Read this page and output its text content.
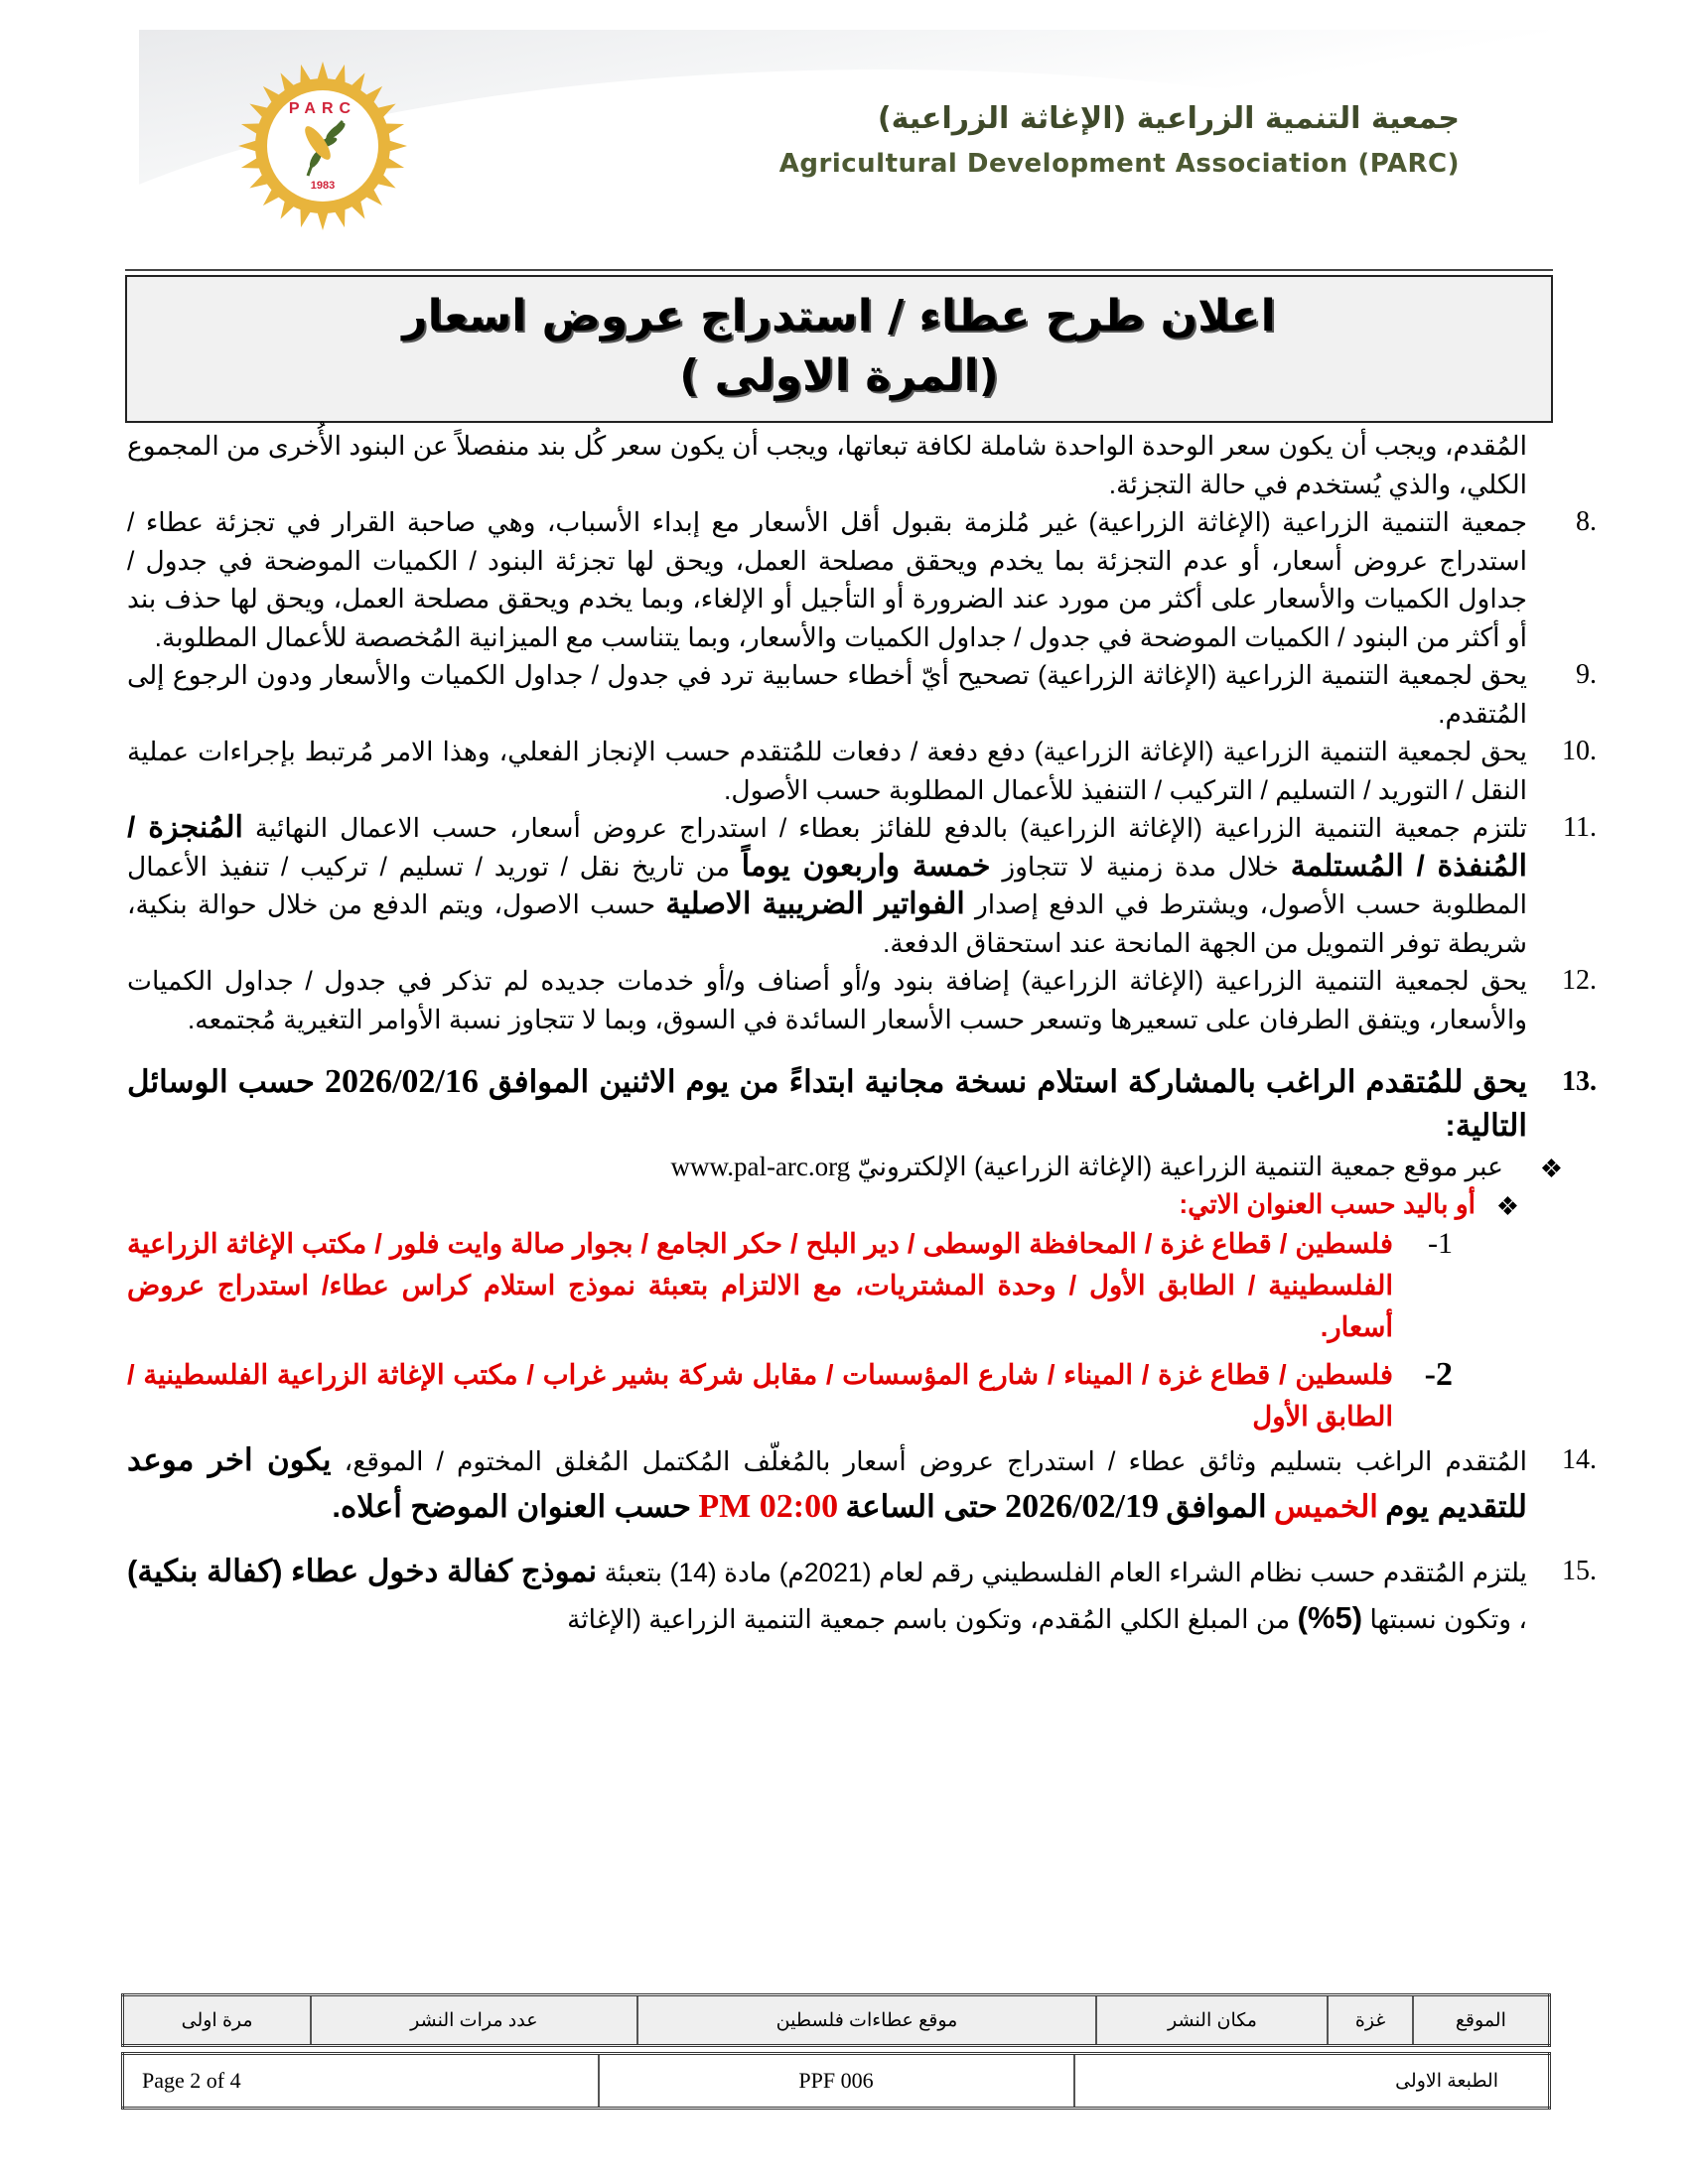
PARC
1983
جمعية التنمية الزراعية (الإغاثة الزراعية)
Agricultural Development Association (PARC)
اعلان طرح عطاء / استدراج عروض اسعار
(المرة الاولى )
المُقدم، ويجب أن يكون سعر الوحدة الواحدة شاملة لكافة تبعاتها، ويجب أن يكون سعر كُل بند منفصلاً عن البنود الأُخرى من المجموع الكلي، والذي يُستخدم في حالة التجزئة.
8.
جمعية التنمية الزراعية (الإغاثة الزراعية) غير مُلزمة بقبول أقل الأسعار مع إبداء الأسباب، وهي صاحبة القرار في تجزئة عطاء / استدراج عروض أسعار، أو عدم التجزئة بما يخدم ويحقق مصلحة العمل، ويحق لها تجزئة البنود / الكميات الموضحة في جدول / جداول الكميات والأسعار على أكثر من مورد عند الضرورة أو التأجيل أو الإلغاء، وبما يخدم ويحقق مصلحة العمل، ويحق لها حذف بند أو أكثر من البنود / الكميات الموضحة في جدول / جداول الكميات والأسعار، وبما يتناسب مع الميزانية المُخصصة للأعمال المطلوبة.
9.
يحق لجمعية التنمية الزراعية (الإغاثة الزراعية) تصحيح أيّ أخطاء حسابية ترد في جدول / جداول الكميات والأسعار ودون الرجوع إلى المُتقدم.
10.
يحق لجمعية التنمية الزراعية (الإغاثة الزراعية) دفع دفعة / دفعات للمُتقدم حسب الإنجاز الفعلي، وهذا الامر مُرتبط بإجراءات عملية النقل / التوريد / التسليم / التركيب / التنفيذ للأعمال المطلوبة حسب الأصول.
11.
تلتزم جمعية التنمية الزراعية (الإغاثة الزراعية) بالدفع للفائز بعطاء / استدراج عروض أسعار، حسب الاعمال النهائية المُنجزة / المُنفذة / المُستلمة خلال مدة زمنية لا تتجاوز خمسة واربعون يوماً من تاريخ نقل / توريد / تسليم / تركيب / تنفيذ الأعمال المطلوبة حسب الأصول، ويشترط في الدفع إصدار الفواتير الضريبية الاصلية حسب الاصول، ويتم الدفع من خلال حوالة بنكية، شريطة توفر التمويل من الجهة المانحة عند استحقاق الدفعة.
12.
يحق لجمعية التنمية الزراعية (الإغاثة الزراعية) إضافة بنود و/أو أصناف و/أو خدمات جديده لم تذكر في جدول / جداول الكميات والأسعار، ويتفق الطرفان على تسعيرها وتسعر حسب الأسعار السائدة في السوق، وبما لا تتجاوز نسبة الأوامر التغيرية مُجتمعه.
13.
يحق للمُتقدم الراغب بالمشاركة استلام نسخة مجانية ابتداءً من يوم الاثنين الموافق 2026/02/16 حسب الوسائل التالية:
❖
عبر موقع جمعية التنمية الزراعية (الإغاثة الزراعية) الإلكترونيّ www.pal-arc.org
❖
أو باليد حسب العنوان الاتي:
-1
فلسطين / قطاع غزة / المحافظة الوسطى / دير البلح / حكر الجامع / بجوار صالة وايت فلور / مكتب الإغاثة الزراعية الفلسطينية / الطابق الأول / وحدة المشتريات، مع الالتزام بتعبئة نموذج استلام كراس عطاء/ استدراج عروض أسعار.
-2
فلسطين / قطاع غزة / الميناء / شارع المؤسسات / مقابل شركة بشير غراب / مكتب الإغاثة الزراعية الفلسطينية / الطابق الأول
14.
المُتقدم الراغب بتسليم وثائق عطاء / استدراج عروض أسعار بالمُغلّف المُكتمل المُغلق المختوم / الموقع، يكون اخر موعد للتقديم يوم الخميس الموافق 2026/02/19 حتى الساعة 02:00 PM حسب العنوان الموضح أعلاه.
15.
يلتزم المُتقدم حسب نظام الشراء العام الفلسطيني رقم لعام (2021م) مادة (14) بتعبئة نموذج كفالة دخول عطاء (كفالة بنكية) ، وتكون نسبتها (5%) من المبلغ الكلي المُقدم، وتكون باسم جمعية التنمية الزراعية (الإغاثة
الموقع	غزة	مكان النشر	موقع عطاءات فلسطين	عدد مرات النشر	مرة اولى
الطبعة الاولى	PPF 006	Page 2 of 4
